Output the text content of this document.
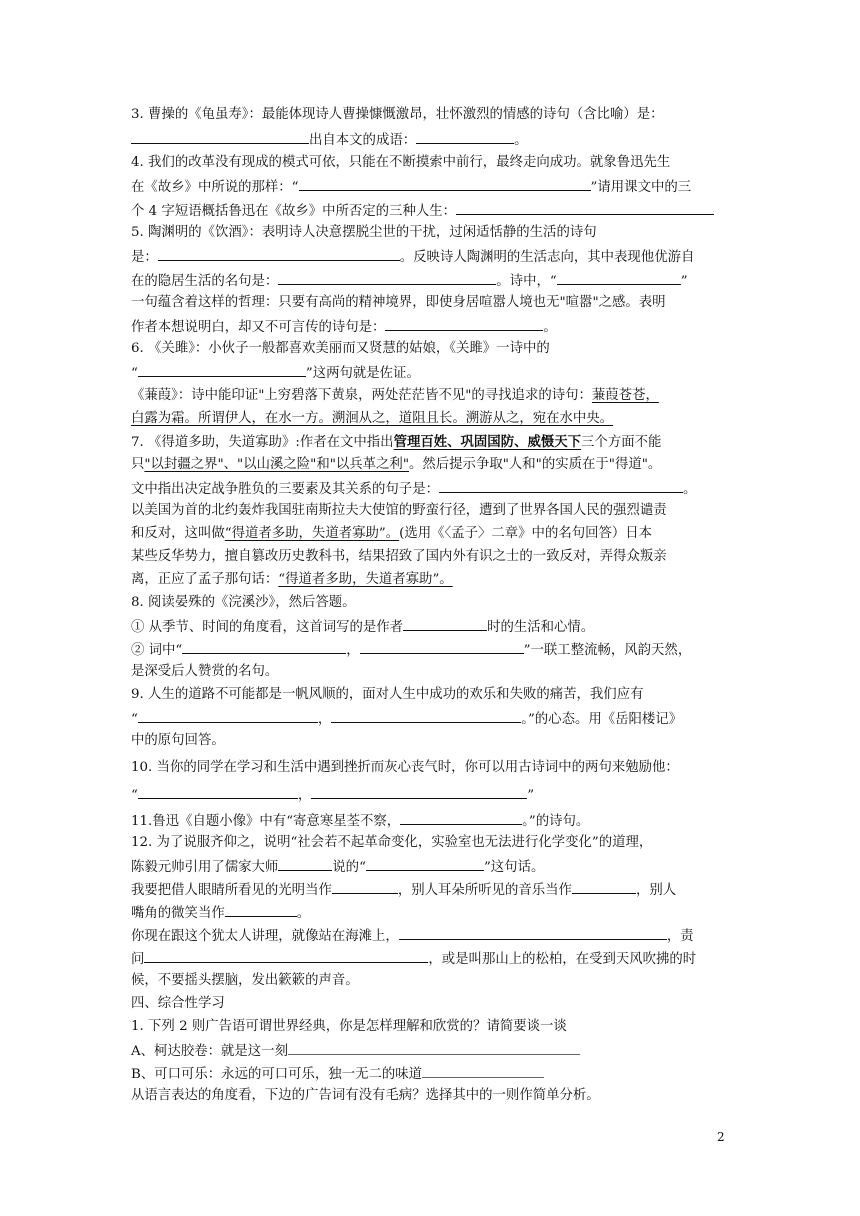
3. 曹操的《龟虽寿》：最能体现诗人曹操慷慨激昂，壮怀激烈的情感的诗句（含比喻）是：
出自本文的成语：	。
4. 我们的改革没有现成的模式可依，只能在不断摸索中前行，最终走向成功。就象鲁迅先生
在《故乡》中所说的那样：“	”请用课文中的三
个 4 字短语概括鲁迅在《故乡》中所否定的三种人生：
5. 陶渊明的《饮酒》：表明诗人决意摆脱尘世的干扰，过闲适恬静的生活的诗句
是：	。反映诗人陶渊明的生活志向，其中表现他优游自
在的隐居生活的名句是：	。诗中，“	”
一句蕴含着这样的哲理：只要有高尚的精神境界，即使身居喧嚣人境也无"喧嚣"之感。表明
作者本想说明白，却又不可言传的诗句是：	。
6. 《关雎》：小伙子一般都喜欢美丽而又贤慧的姑娘，《关雎》一诗中的
“	”这两句就是佐证。
《蒹葭》：诗中能印证"上穷碧落下黄泉，两处茫茫皆不见"的寻找追求的诗句：蒹葭苍苍，
白露为霜。所谓伊人，在水一方。溯洄从之，道阻且长。溯游从之，宛在水中央。
7. 《得道多助，失道寡助》:作者在文中指出管理百姓、巩固国防、威慑天下三个方面不能
只"以封疆之界"、"以山溪之险"和"以兵革之利"。然后提示争取"人和"的实质在于"得道"。
文中指出决定战争胜负的三要素及其关系的句子是：	。
以美国为首的北约轰炸我国驻南斯拉夫大使馆的野蛮行径，遭到了世界各国人民的强烈谴责
和反对，这叫做“得道者多助，失道者寡助”。(选用《〈孟子〉二章》中的名句回答）日本
某些反华势力，擅自篡改历史教科书，结果招致了国内外有识之士的一致反对，弄得众叛亲
离，正应了孟子那句话：“得道者多助，失道者寡助”。
8. 阅读晏殊的《浣溪沙》，然后答题。
① 从季节、时间的角度看，这首词写的是作者	时的生活和心情。
② 词中“	，	”一联工整流畅，风韵天然，
是深受后人赞赏的名句。
9. 人生的道路不可能都是一帆风顺的，面对人生中成功的欢乐和失败的痛苦，我们应有
“	，	。”的心态。用《岳阳楼记》
中的原句回答。
10. 当你的同学在学习和生活中遇到挫折而灰心丧气时，你可以用古诗词中的两句来勉励他：
“	，	”
11.鲁迅《自题小像》中有“寄意寒星荃不察，	。”的诗句。
12. 为了说服齐仰之，说明“社会若不起革命变化，实验室也无法进行化学变化”的道理，
陈毅元帅引用了儒家大师	说的“	”这句话。
我要把借人眼睛所看见的光明当作	，别人耳朵所听见的音乐当作	，别人
嘴角的微笑当作	。
你现在跟这个犹太人讲理，就像站在海滩上，	，责
问	，或是叫那山上的松柏，在受到天风吹拂的时
候，不要摇头摆脑，发出簌簌的声音。
四、综合性学习
1. 下列 2 则广告语可谓世界经典，你是怎样理解和欣赏的？请简要谈一谈
A、柯达胶卷：就是这一刻
B、可口可乐：永远的可口可乐，独一无二的味道
从语言表达的角度看，下边的广告词有没有毛病？选择其中的一则作简单分析。
2
